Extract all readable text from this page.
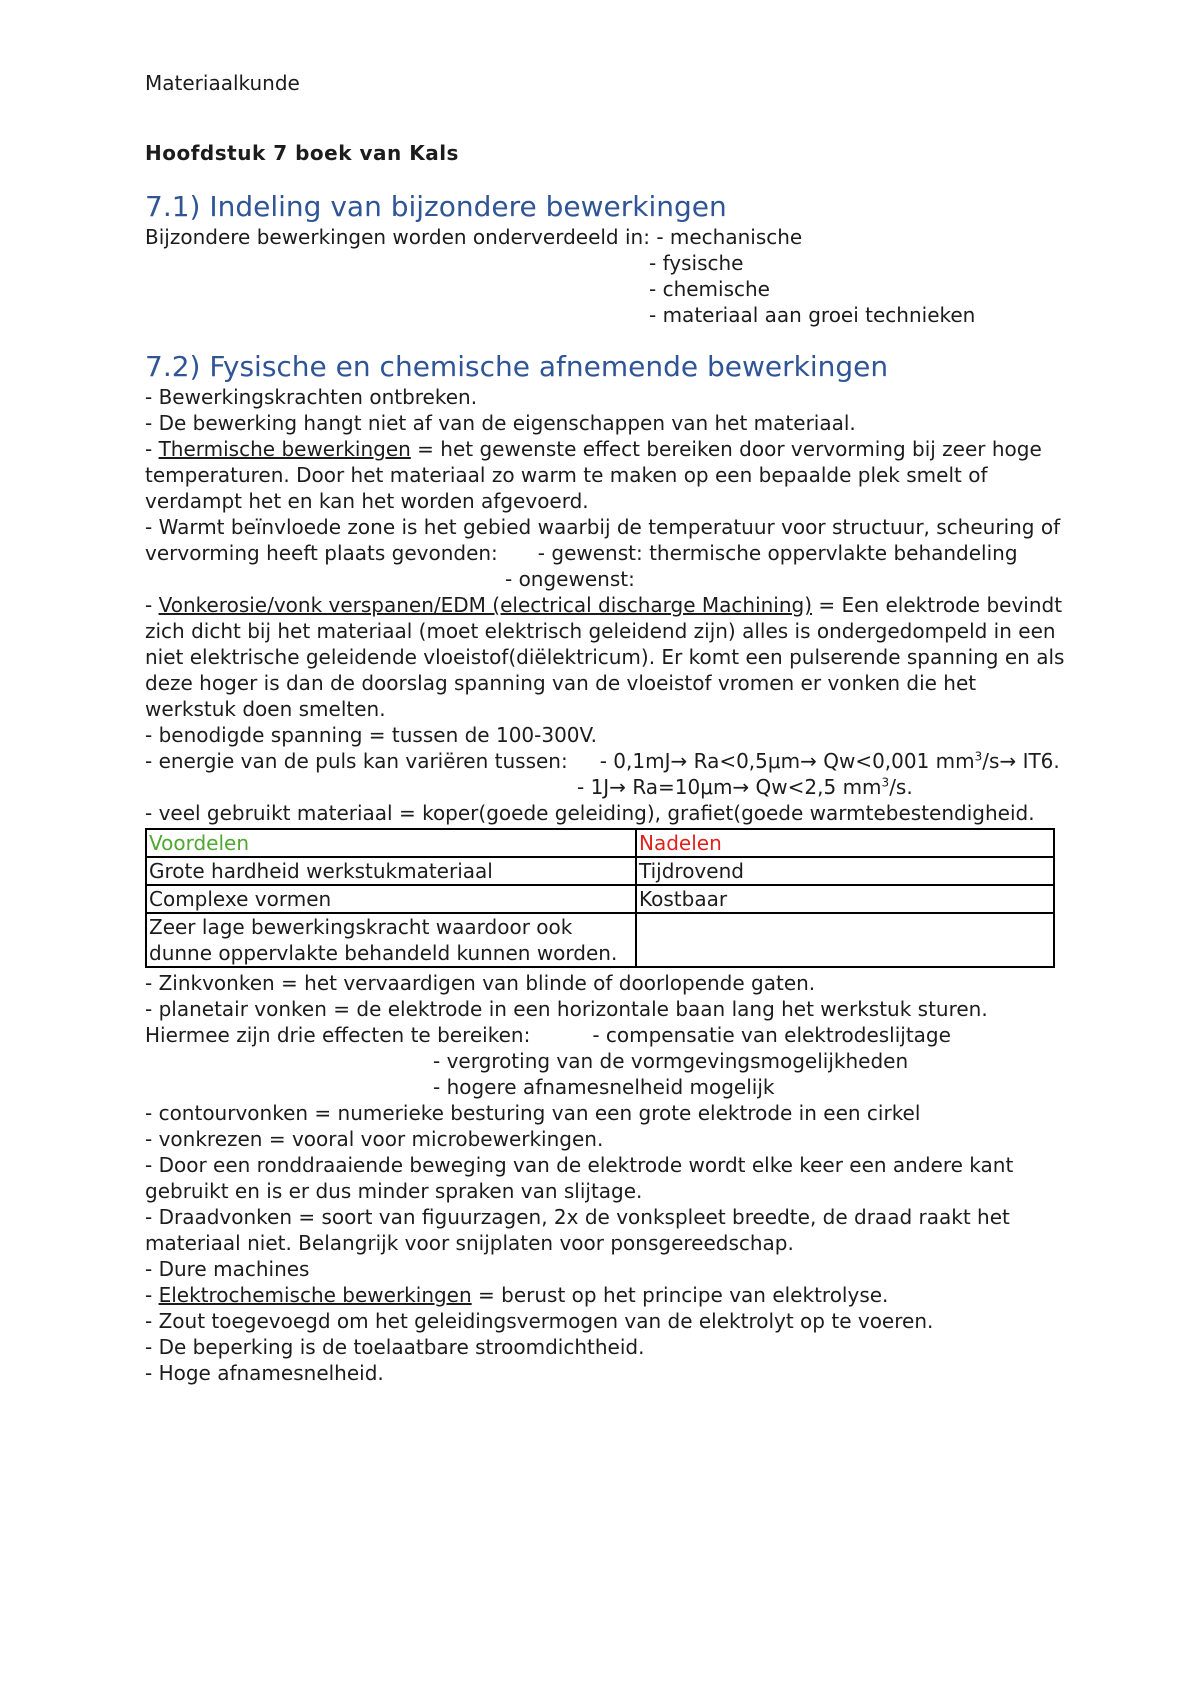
Materiaalkunde

Hoofdstuk 7 boek van Kals

7.1) Indeling van bijzondere bewerkingen

Bijzondere bewerkingen worden onderverdeeld in: - mechanische

- fysische

- chemische

- materiaal aan groei technieken

7.2) Fysische en chemische afnemende bewerkingen

- Bewerkingskrachten ontbreken.

- De bewerking hangt niet af van de eigenschappen van het materiaal.

- Thermische bewerkingen = het gewenste effect bereiken door vervorming bij zeer hoge temperaturen. Door het materiaal zo warm te maken op een bepaalde plek smelt of verdampt het en kan het worden afgevoerd.

- Warmt beïnvloede zone is het gebied waarbij de temperatuur voor structuur, scheuring of vervorming heeft plaats gevonden: - gewenst: thermische oppervlakte behandeling

- ongewenst:

- Vonkerosie/vonk verspanen/EDM (electrical discharge Machining) = Een elektrode bevindt zich dicht bij het materiaal (moet elektrisch geleidend zijn) alles is ondergedompeld in een niet elektrische geleidende vloeistof(diëlektricum). Er komt een pulserende spanning en als deze hoger is dan de doorslag spanning van de vloeistof vromen er vonken die het werkstuk doen smelten.

- benodigde spanning = tussen de 100-300V.

- energie van de puls kan variëren tussen: - 0,1mJ→ Ra<0,5μm→ Qw<0,001 $mm^3/s\to IT6$.

- 1J→ Ra=10μm→ Qw<2,5 $mm^3/s$.

- veel gebruikt materiaal = koper(goede geleiding), grafiet(goede warmtebestendigheid.

Voordelen	Nadelen
Grote hardheid werkstukmateriaal	Tijdrovend
Complexe vormen	Kostbaar
Zeer lage bewerkingskracht waardoor ook dunne oppervlakte behandeld kunnen worden.	

- Zinkvonken = het vervaardigen van blinde of doorlopende gaten.

- planetair vonken = de elektrode in een horizontale baan lang het werkstuk sturen. Hiermee zijn drie effecten te bereiken:	- compensatie van elektrodeslijtage

- vergroting van de vormgevingsmogelijkheden

- hogere afnamesnelheid mogelijk

- contourvonken = numerieke besturing van een grote elektrode in een cirkel

- vonkrezen = vooral voor microbewerkingen.

- Door een ronddraaiende beweging van de elektrode wordt elke keer een andere kant gebruikt en is er dus minder spraken van slijtage.

- Draadvonken = soort van figuurzagen, 2x de vonkspleet breedte, de draad raakt het materiaal niet. Belangrijk voor snijplaten voor ponsgereedschap.

- Dure machines

- Elektrochemische bewerkingen = berust op het principe van elektrolyse.

- Zout toegevoegd om het geleidingsvermogen van de elektrolyt op te voeren.

- De beperking is de toelaatbare stroomdichtheid.

- Hoge afnamesnelheid.
